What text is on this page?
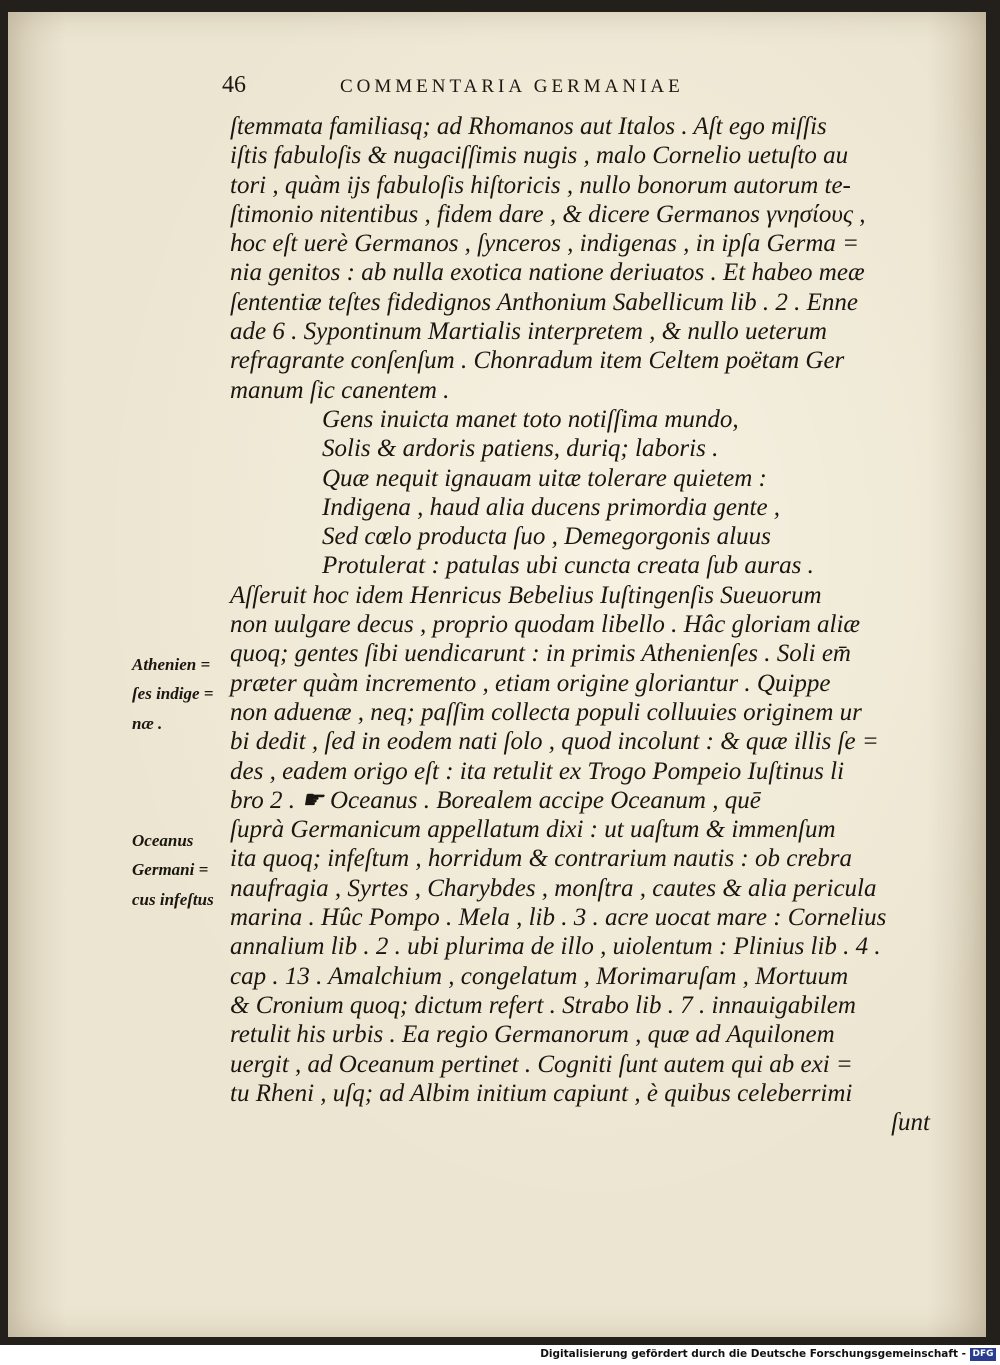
46	COMMENTARIA GERMANIAE
ſtemmata familiasq; ad Rhomanos aut Italos . Aſt ego miſſis
iſtis fabuloſis & nugaciſſimis nugis , malo Cornelio uetuſto au
tori , quàm ijs fabuloſis hiſtoricis , nullo bonorum autorum te-
ſtimonio nitentibus , fidem dare , & dicere Germanos γνησίους ,
hoc eſt uerè Germanos , ſynceros , indigenas , in ipſa Germa =
nia genitos : ab nulla exotica natione deriuatos . Et habeo meæ
ſententiæ teſtes fidedignos Anthonium Sabellicum lib . 2 . Enne
ade 6 . Sypontinum Martialis interpretem , & nullo ueterum
refragrante conſenſum . Chonradum item Celtem poëtam Ger
manum ſic canentem .
Gens inuicta manet toto notiſſima mundo,
Solis & ardoris patiens, duriq; laboris .
Quæ nequit ignauam uitæ tolerare quietem :
Indigena , haud alia ducens primordia gente ,
Sed cœlo producta ſuo , Demegorgonis aluus
Protulerat : patulas ubi cuncta creata ſub auras .
Aſſeruit hoc idem Henricus Bebelius Iuſtingenſis Sueuorum
non uulgare decus , proprio quodam libello . Hâc gloriam aliæ
quoq; gentes ſibi uendicarunt : in primis Athenienſes . Soli em̄
præter quàm incremento , etiam origine gloriantur . Quippe
non aduenæ , neq; paſſim collecta populi colluuies originem ur
bi dedit , ſed in eodem nati ſolo , quod incolunt : & quæ illis ſe =
des , eadem origo eſt : ita retulit ex Trogo Pompeio Iuſtinus li
bro 2 . ☛ Oceanus . Borealem accipe Oceanum , quē
ſuprà Germanicum appellatum dixi : ut uaſtum & immenſum
ita quoq; infeſtum , horridum & contrarium nautis : ob crebra
naufragia , Syrtes , Charybdes , monſtra , cautes & alia pericula
marina . Hûc Pompo . Mela , lib . 3 . acre uocat mare : Cornelius
annalium lib . 2 . ubi plurima de illo , uiolentum : Plinius lib . 4 .
cap . 13 . Amalchium , congelatum , Morimaruſam , Mortuum
& Cronium quoq; dictum refert . Strabo lib . 7 . innauigabilem
retulit his urbis . Ea regio Germanorum , quæ ad Aquilonem
uergit , ad Oceanum pertinet . Cogniti ſunt autem qui ab exi =
tu Rheni , uſq; ad Albim initium capiunt , è quibus celeberrimi
ſunt
Athenien =
ſes indige =
næ .
Oceanus
Germani =
cus infeſtus
Digitalisierung gefördert durch die Deutsche Forschungsgemeinschaft - DFG
